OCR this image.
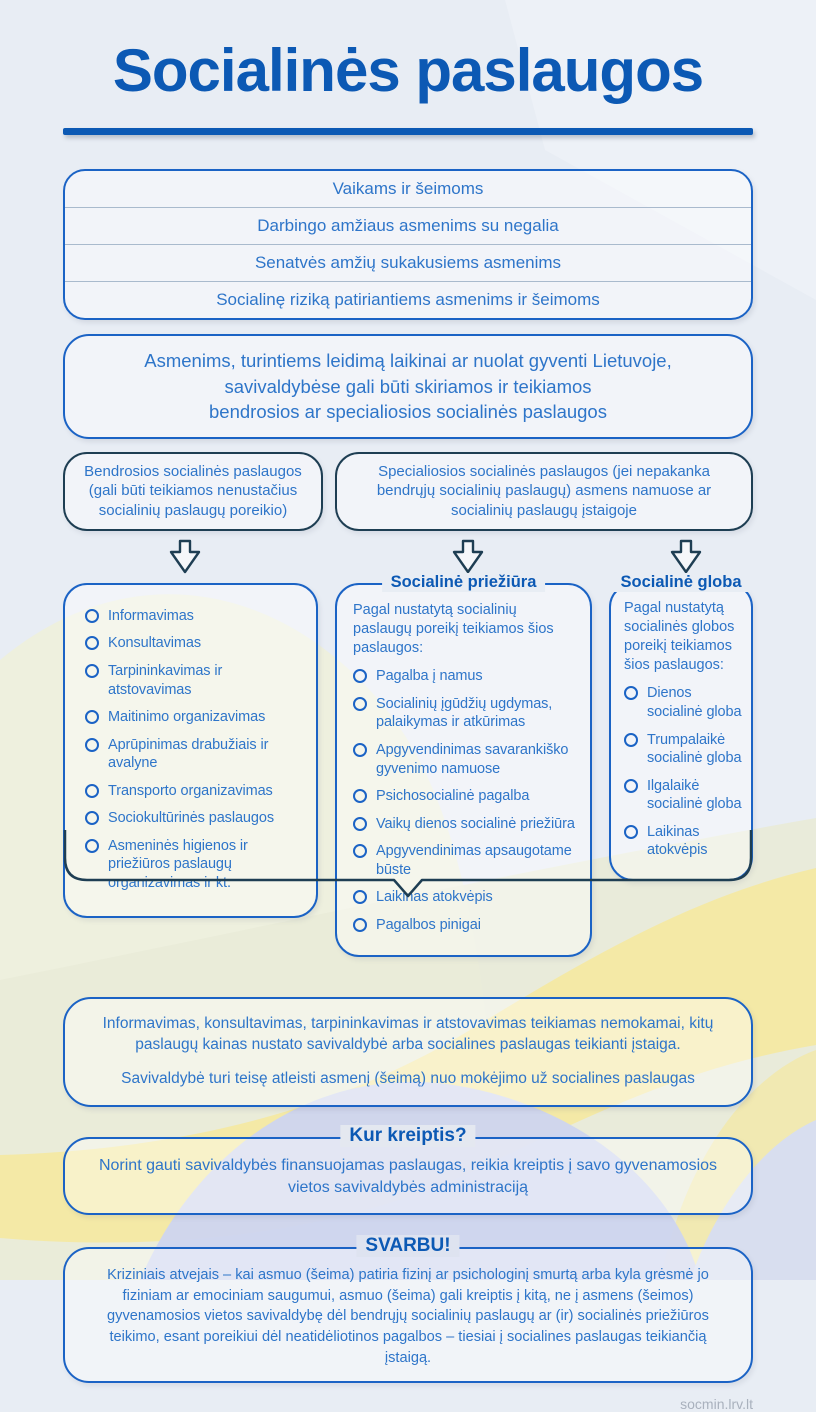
Socialinės paslaugos
Vaikams ir šeimoms
Darbingo amžiaus asmenims su negalia
Senatvės amžių sukakusiems asmenims
Socialinę riziką patiriantiems asmenims ir šeimoms
Asmenims, turintiems leidimą laikinai ar nuolat gyventi Lietuvoje,
savivaldybėse gali būti skiriamos ir teikiamos
bendrosios ar specialiosios socialinės paslaugos
Bendrosios socialinės paslaugos (gali būti teikiamos nenustačius socialinių paslaugų poreikio)
Specialiosios socialinės paslaugos (jei nepakanka bendrųjų socialinių paslaugų) asmens namuose ar socialinių paslaugų įstaigoje
Informavimas
Konsultavimas
Tarpininkavimas ir atstovavimas
Maitinimo organizavimas
Aprūpinimas drabužiais ir avalyne
Transporto organizavimas
Sociokultūrinės paslaugos
Asmeninės higienos ir priežiūros paslaugų organizavimas ir kt.
Socialinė priežiūra
Pagal nustatytą socialinių paslaugų poreikį teikiamos šios paslaugos:
Pagalba į namus
Socialinių įgūdžių ugdymas, palaikymas ir atkūrimas
Apgyvendinimas savarankiško gyvenimo namuose
Psichosocialinė pagalba
Vaikų dienos socialinė priežiūra
Apgyvendinimas apsaugotame būste
Laikinas atokvėpis
Pagalbos pinigai
Socialinė globa
Pagal nustatytą socialinės globos poreikį teikiamos šios paslaugos:
Dienos socialinė globa
Trumpalaikė socialinė globa
Ilgalaikė socialinė globa
Laikinas atokvėpis

Informavimas, konsultavimas, tarpininkavimas ir atstovavimas teikiamas nemokamai, kitų paslaugų kainas nustato savivaldybė arba socialines paslaugas teikianti įstaiga.

Savivaldybė turi teisę atleisti asmenį (šeimą) nuo mokėjimo už socialines paslaugas

Kur kreiptis?

Norint gauti savivaldybės finansuojamas paslaugas, reikia kreiptis į savo gyvenamosios vietos savivaldybės administraciją

SVARBU!

Kriziniais atvejais – kai asmuo (šeima) patiria fizinį ar psichologinį smurtą arba kyla grėsmė jo fiziniam ar emociniam saugumui, asmuo (šeima) gali kreiptis į kitą, ne į asmens (šeimos) gyvenamosios vietos savivaldybę dėl bendrųjų socialinių paslaugų ar (ir) socialinės priežiūros teikimo, esant poreikiui dėl neatidėliotinos pagalbos – tiesiai į socialines paslaugas teikiančią įstaigą.

socmin.lrv.lt
